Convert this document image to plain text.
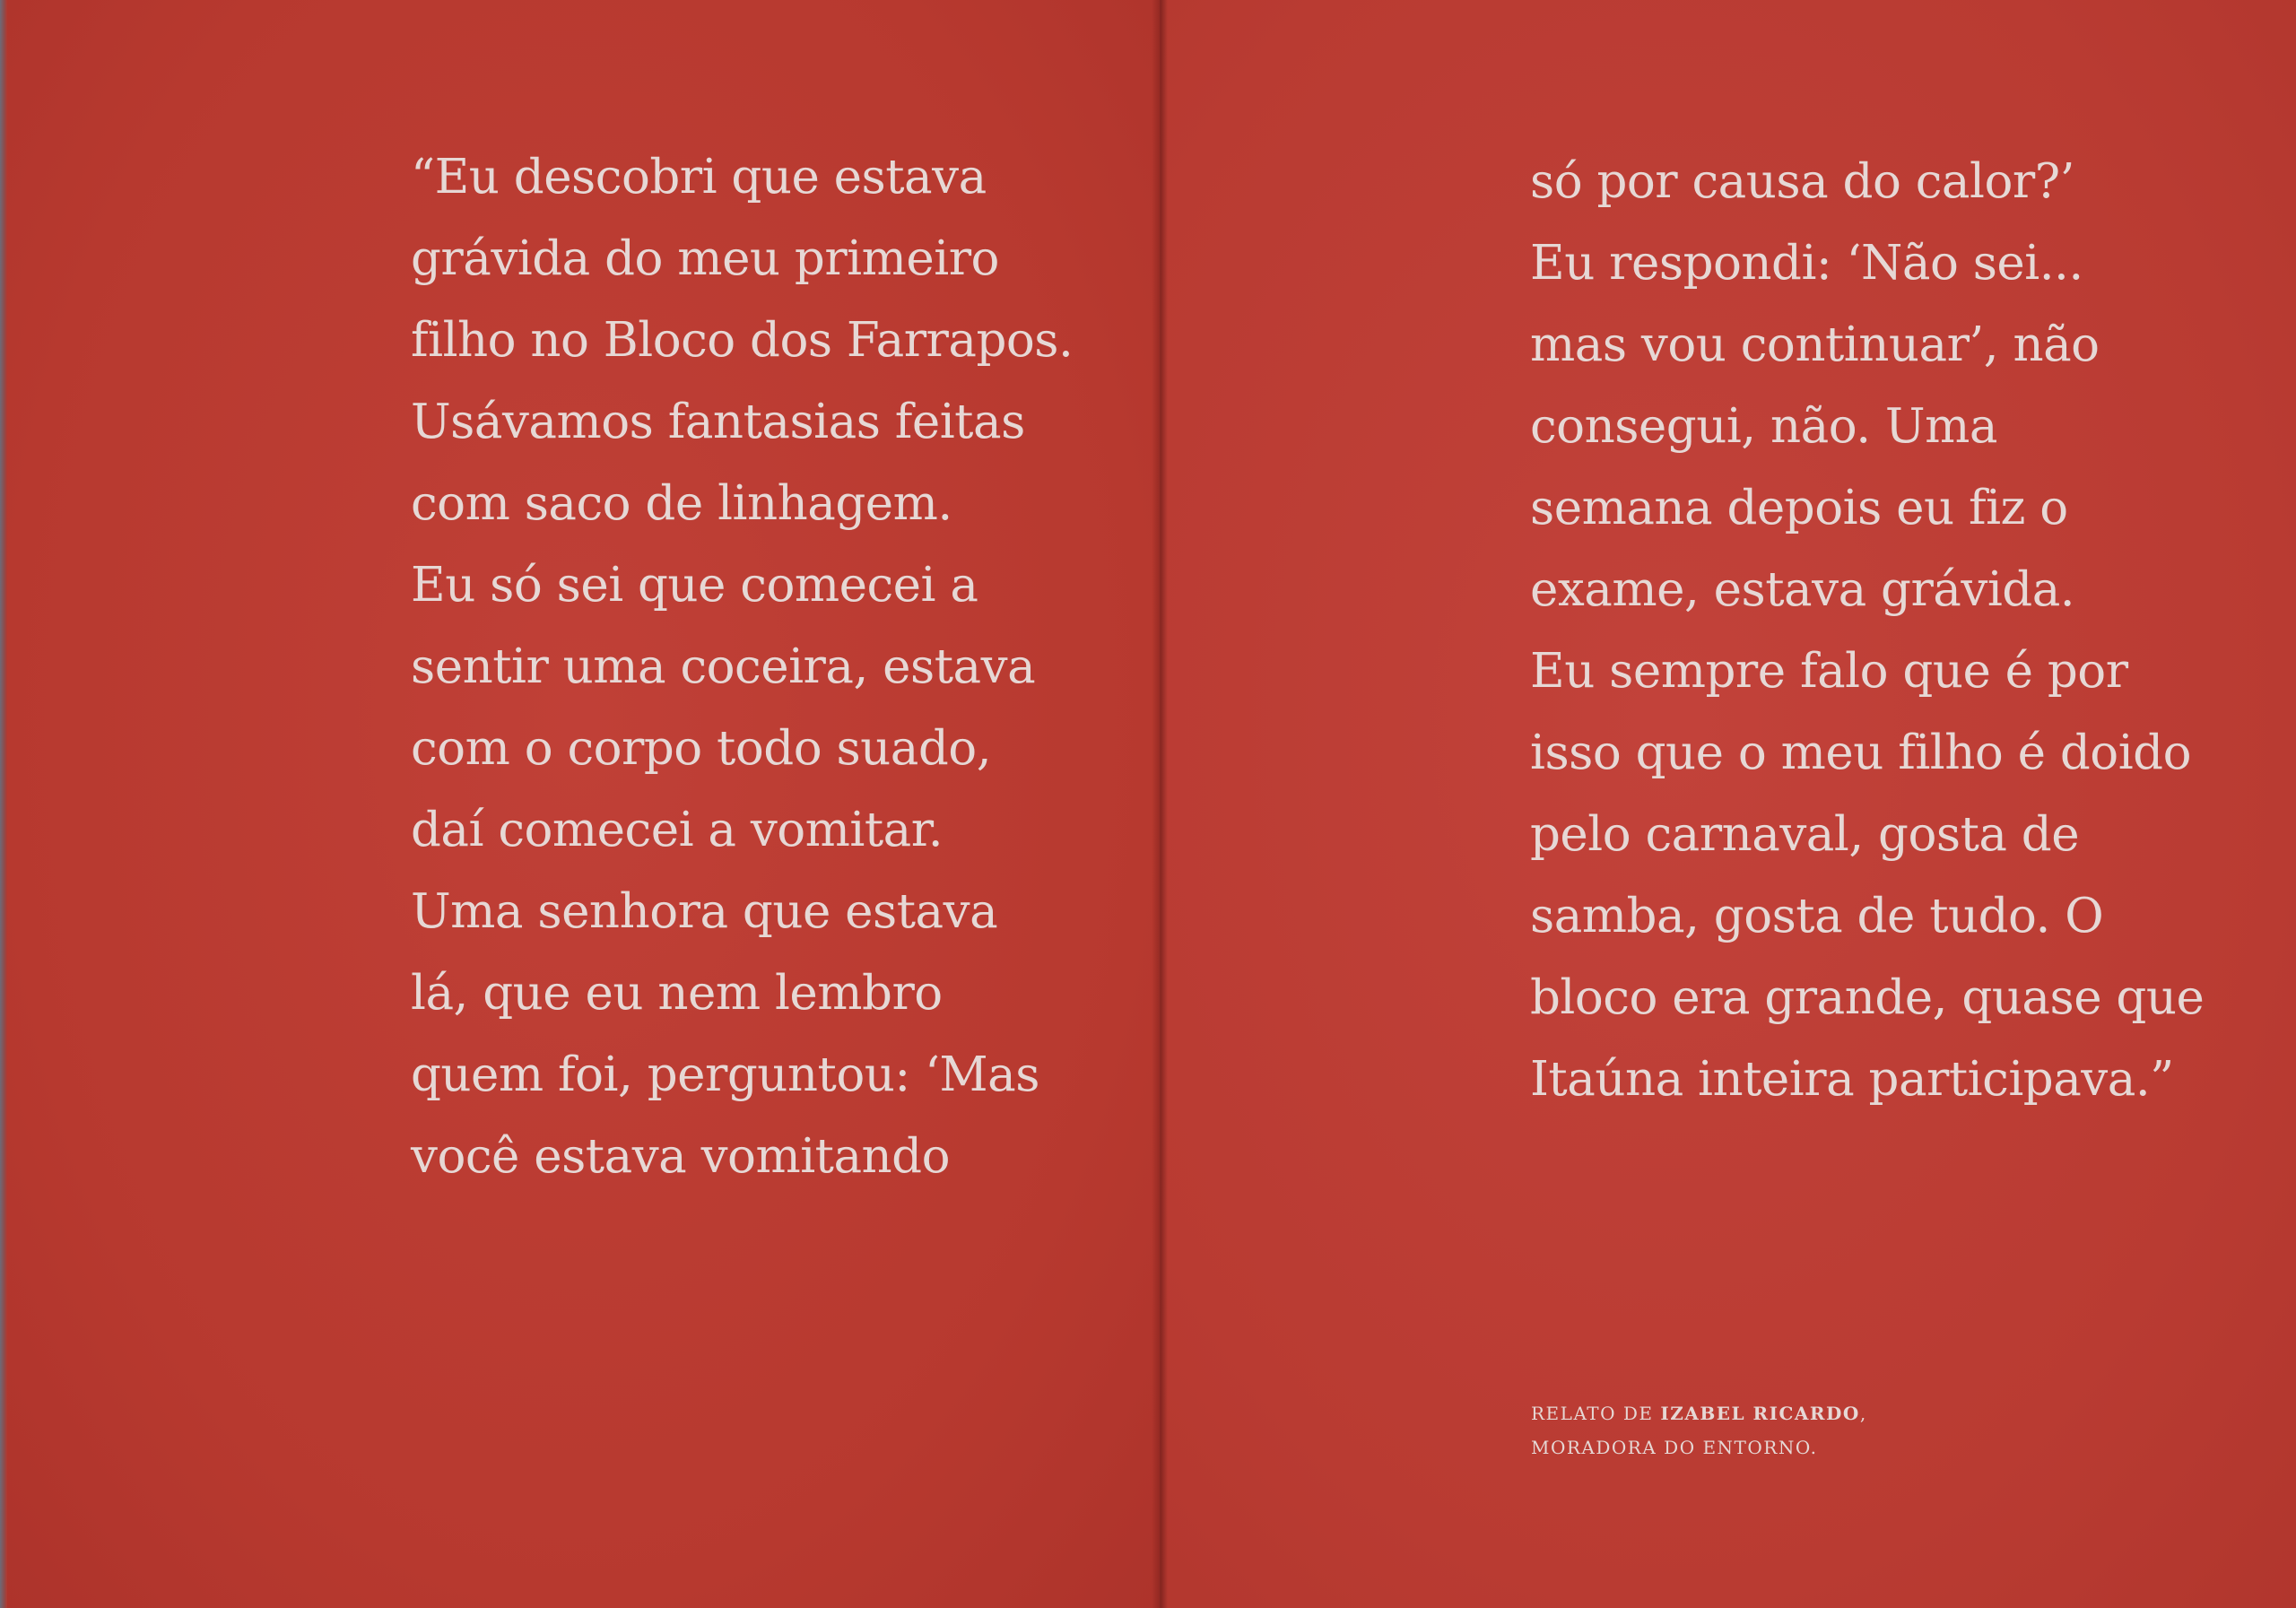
“Eu descobri que estava
grávida do meu primeiro
filho no Bloco dos Farrapos.
Usávamos fantasias feitas
com saco de linhagem.
Eu só sei que comecei a
sentir uma coceira, estava
com o corpo todo suado,
daí comecei a vomitar.
Uma senhora que estava
lá, que eu nem lembro
quem foi, perguntou: ‘Mas
você estava vomitando
só por causa do calor?’
Eu respondi: ‘Não sei...
mas vou continuar’, não
consegui, não. Uma
semana depois eu fiz o
exame, estava grávida.
Eu sempre falo que é por
isso que o meu filho é doido
pelo carnaval, gosta de
samba, gosta de tudo. O
bloco era grande, quase que
Itaúna inteira participava.”
RELATO DE IZABEL RICARDO,
MORADORA DO ENTORNO.
